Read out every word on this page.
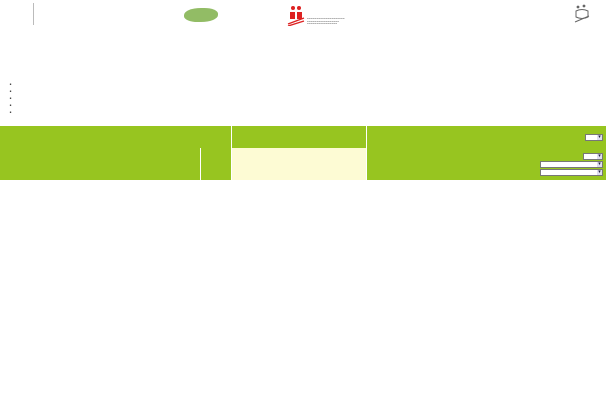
▬▬▬▬▬▬▬▬▬▬▬▬▬▬▬▬▬▬▬▬
▬▬▬▬▬▬▬▬▬▬▬▬▬▬▬▬▬
▬▬▬▬▬▬▬▬▬▬▬▬▬▬▬▬
•
•
•
•
•
▾
▾
▾
▾
